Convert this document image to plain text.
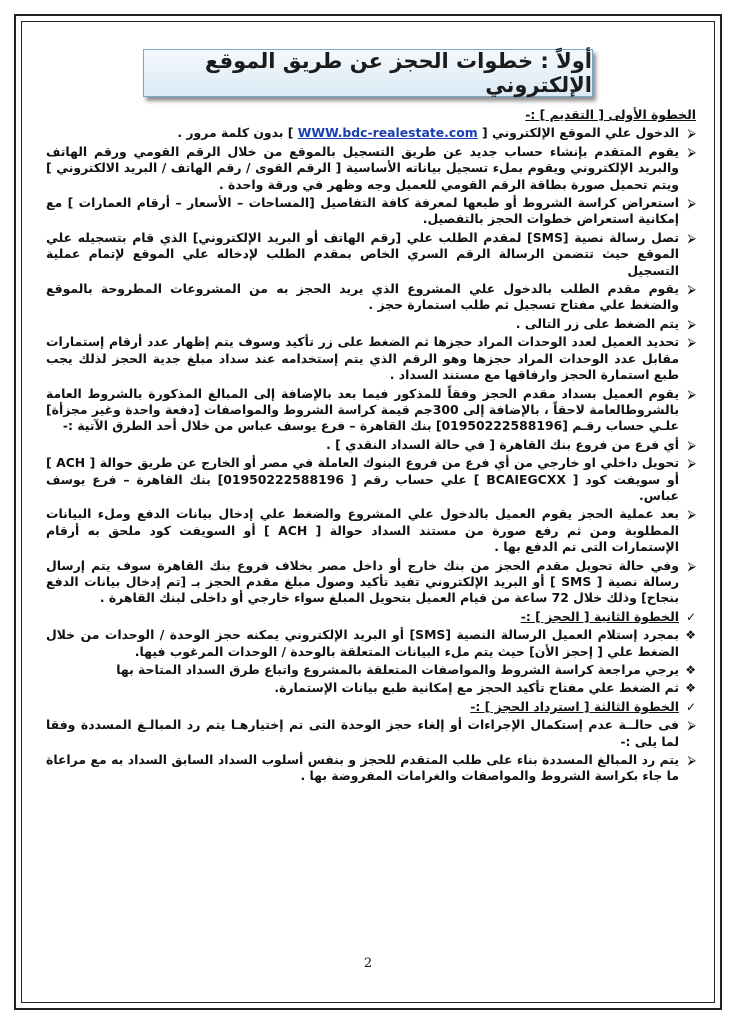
أولاً : خطوات الحجز عن طريق الموقع الإلكتروني

الخطوة الأولى [ التقديم ] :-

⮚
الدخول علي الموقع الإلكتروني [ WWW.bdc-realestate.com ] بدون كلمة مرور .

⮚
يقوم المتقدم بإنشاء حساب جديد عن طريق التسجيل بالموقع من خلال الرقم القومي ورقم الهاتف والبريد الإلكتروني ويقوم بملء تسجيل بياناته الأساسية [ الرقم القوى / رقم الهاتف / البريد الالكتروني ] ويتم تحميل صورة بطاقة الرقم القومي للعميل وجه وظهر في ورقة واحدة .

⮚
استعراض كراسة الشروط أو طبعها لمعرفة كافة التفاصيل [المساحات – الأسعار – أرقام العمارات ] مع إمكانية استعراض خطوات الحجز بالتفصيل.

⮚
تصل رسالة نصية [SMS] لمقدم الطلب علي [رقم الهاتف أو البريد الإلكتروني] الذي قام بتسجيله علي الموقع حيث تتضمن الرسالة الرقم السري الخاص بمقدم الطلب لإدخاله علي الموقع لإتمام عملية التسجيل

⮚
يقوم مقدم الطلب بالدخول علي المشروع الذي يريد الحجز به من المشروعات المطروحة بالموقع والضغط علي مفتاح تسجيل ثم طلب استمارة حجز .

⮚
يتم الضغط على زر التالى .

⮚
تحديد العميل لعدد الوحدات المراد حجزها ثم الضغط على زر تأكيد وسوف يتم إظهار عدد أرقام إستمارات مقابل عدد الوحدات المراد حجزها وهو الرقم الذي يتم إستخدامه عند سداد مبلغ جدية الحجز لذلك يجب طبع استمارة الحجز وارفاقها مع مستند السداد .

⮚
يقوم العميل بسداد مقدم الحجز وفقاً للمذكور فيما بعد بالإضافة إلى المبالغ المذكورة بالشروط العامة بالشروطالعامة لاحقاً ، بالإضافة إلى 300جم قيمة كراسة الشروط والمواصفات [دفعة واحدة وغير مجزأة] علـي حساب رقـم [01950222588196] بنك القاهرة – فرع يوسف عباس من خلال أحد الطرق الآتية :-

⮚
أي فرع من فروع بنك القاهرة [ في حالة السداد النقدي ] .

⮚
تحويل داخلي او خارجي من أي فرع من فروع البنوك العاملة في مصر أو الخارج عن طريق حوالة [ ACH ] أو سويفت كود [ BCAIEGCXX ] علي حساب رقم [ 01950222588196] بنك القاهرة – فرع يوسف عباس.

⮚
بعد عملية الحجز يقوم العميل بالدخول علي المشروع والضغط علي إدخال بيانات الدفع وملء البيانات المطلوبة ومن ثم رفع صورة من مستند السداد حوالة [ ACH ] أو السويفت كود ملحق به أرقام الإستمارات التى تم الدفع بها .

⮚
وفي حالة تحويل مقدم الحجز من بنك خارج أو داخل مصر بخلاف فروع بنك القاهرة سوف يتم إرسال رسالة نصية [ SMS ] أو البريد الإلكتروني تفيد تأكيد وصول مبلغ مقدم الحجز بـ [تم إدخال بيانات الدفع بنجاح] وذلك خلال 72 ساعة من قيام العميل بتحويل المبلغ سواء خارجي أو داخلى لبنك القاهرة .

✓
الخطوة الثانية [ الحجز ] :-

❖
بمجرد إستلام العميل الرسالة النصية [SMS] أو البريد الإلكتروني يمكنه حجز الوحدة / الوحدات من خلال الضغط علي [ إحجز الأن] حيث يتم ملء البيانات المتعلقة بالوحدة / الوحدات المرغوب فيها.

❖
يرجي مراجعة كراسة الشروط والمواصفات المتعلقة بالمشروع واتباع طرق السداد المتاحة بها

❖
ثم الضغط علي مفتاح تأكيد الحجز مع إمكانية طبع بيانات الإستمارة.

✓
الخطوة الثالثة [ استرداد الحجز ] :-

⮚
فى حالــة عدم إستكمال الإجراءات أو إلغاء حجز الوحدة التى تم إختيارهـا يتم رد المبالـغ المسددة وفقا لما يلى :-

⮚
يتم رد المبالغ المسددة بناء على طلب المتقدم للحجز و بنفس أسلوب السداد السابق السداد به مع مراعاة ما جاء بكراسة الشروط والمواصفات والغرامات المفروضة بها .

2
